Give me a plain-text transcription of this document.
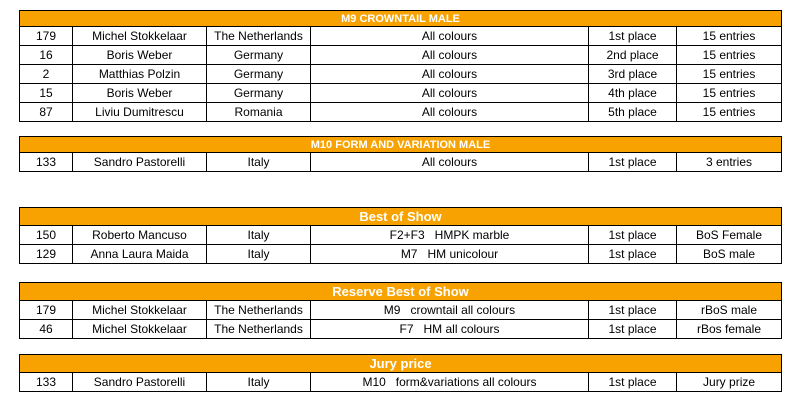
M9 CROWNTAIL MALE					
179	Michel Stokkelaar	The Netherlands	All colours	1st place	15 entries
16	Boris Weber	Germany	All colours	2nd place	15 entries
2	Matthias Polzin	Germany	All colours	3rd place	15 entries
15	Boris Weber	Germany	All colours	4th place	15 entries
87	Liviu Dumitrescu	Romania	All colours	5th place	15 entries
M10 FORM AND VARIATION MALE
133	Sandro Pastorelli	Italy	All colours	1st place	3 entries
Best of Show					
150	Roberto Mancuso	Italy	F2+F3   HMPK marble	1st place	BoS Female
129	Anna Laura Maida	Italy	M7   HM unicolour	1st place	BoS male
Reserve Best of Show					
179	Michel Stokkelaar	The Netherlands	M9   crowntail all colours	1st place	rBoS male
46	Michel Stokkelaar	The Netherlands	F7   HM all colours	1st place	rBos female
Jury price
133	Sandro Pastorelli	Italy	M10   form&variations all colours	1st place	Jury prize
